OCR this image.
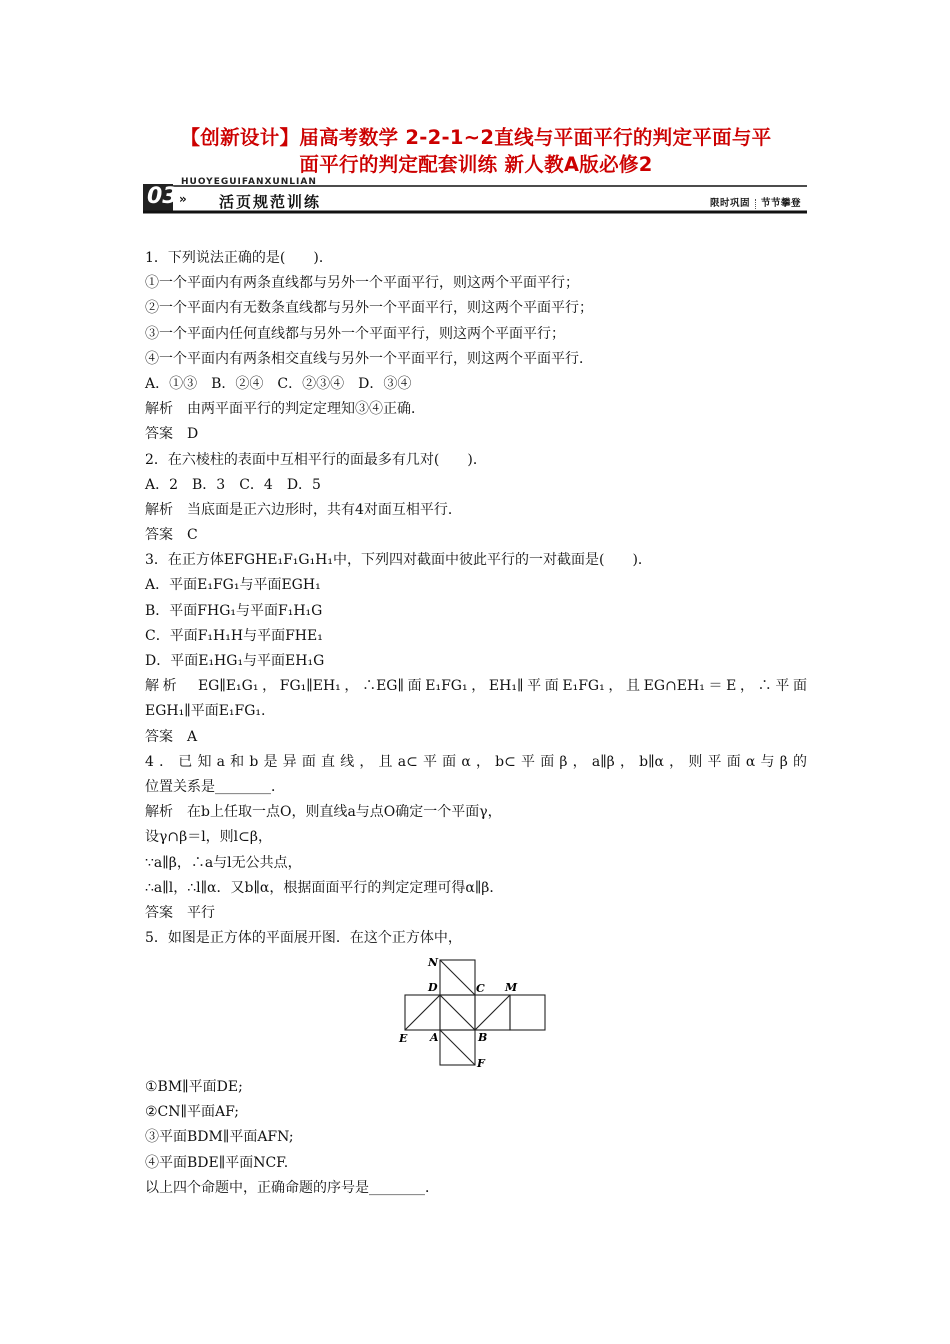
【创新设计】届高考数学 2-2-1~2直线与平面平行的判定平面与平
面平行的判定配套训练 新人教A版必修2
03 »
HUOYEGUIFANXUNLIAN
活页规范训练	限时巩固 节节攀登
1．下列说法正确的是(　　)．
①一个平面内有两条直线都与另外一个平面平行，则这两个平面平行；
②一个平面内有无数条直线都与另外一个平面平行，则这两个平面平行；
③一个平面内任何直线都与另外一个平面平行，则这两个平面平行；
④一个平面内有两条相交直线与另外一个平面平行，则这两个平面平行．
A．①③　B．②④　C．②③④　D．③④
解析　由两平面平行的判定定理知③④正确．
答案　D
2．在六棱柱的表面中互相平行的面最多有几对(　　)．
A．2　B．3　C．4　D．5
解析　当底面是正六边形时，共有4对面互相平行．
答案　C
3．在正方体EFGHE₁F₁G₁H₁中，下列四对截面中彼此平行的一对截面是(　　)．
A．平面E₁FG₁与平面EGH₁
B．平面FHG₁与平面F₁H₁G
C．平面F₁H₁H与平面FHE₁
D．平面E₁HG₁与平面EH₁G
解析　EG∥E₁G₁，FG₁∥EH₁，∴EG∥面E₁FG₁，EH₁∥平面E₁FG₁，且EG∩EH₁＝E，∴平面
EGH₁∥平面E₁FG₁.
答案　A
4．已知a和b是异面直线，且a⊂平面α，b⊂平面β，a∥β，b∥α，则平面α与β的
位置关系是________．
解析　在b上任取一点O，则直线a与点O确定一个平面γ，
设γ∩β＝l，则l⊂β，
∵a∥β，∴a与l无公共点，
∴a∥l，∴l∥α．又b∥α，根据面面平行的判定定理可得α∥β．
答案　平行
5．如图是正方体的平面展开图．在这个正方体中，
N
D	C M
E A	B
F
①BM∥平面DE;
②CN∥平面AF;
③平面BDM∥平面AFN;
④平面BDE∥平面NCF.
以上四个命题中，正确命题的序号是________．
